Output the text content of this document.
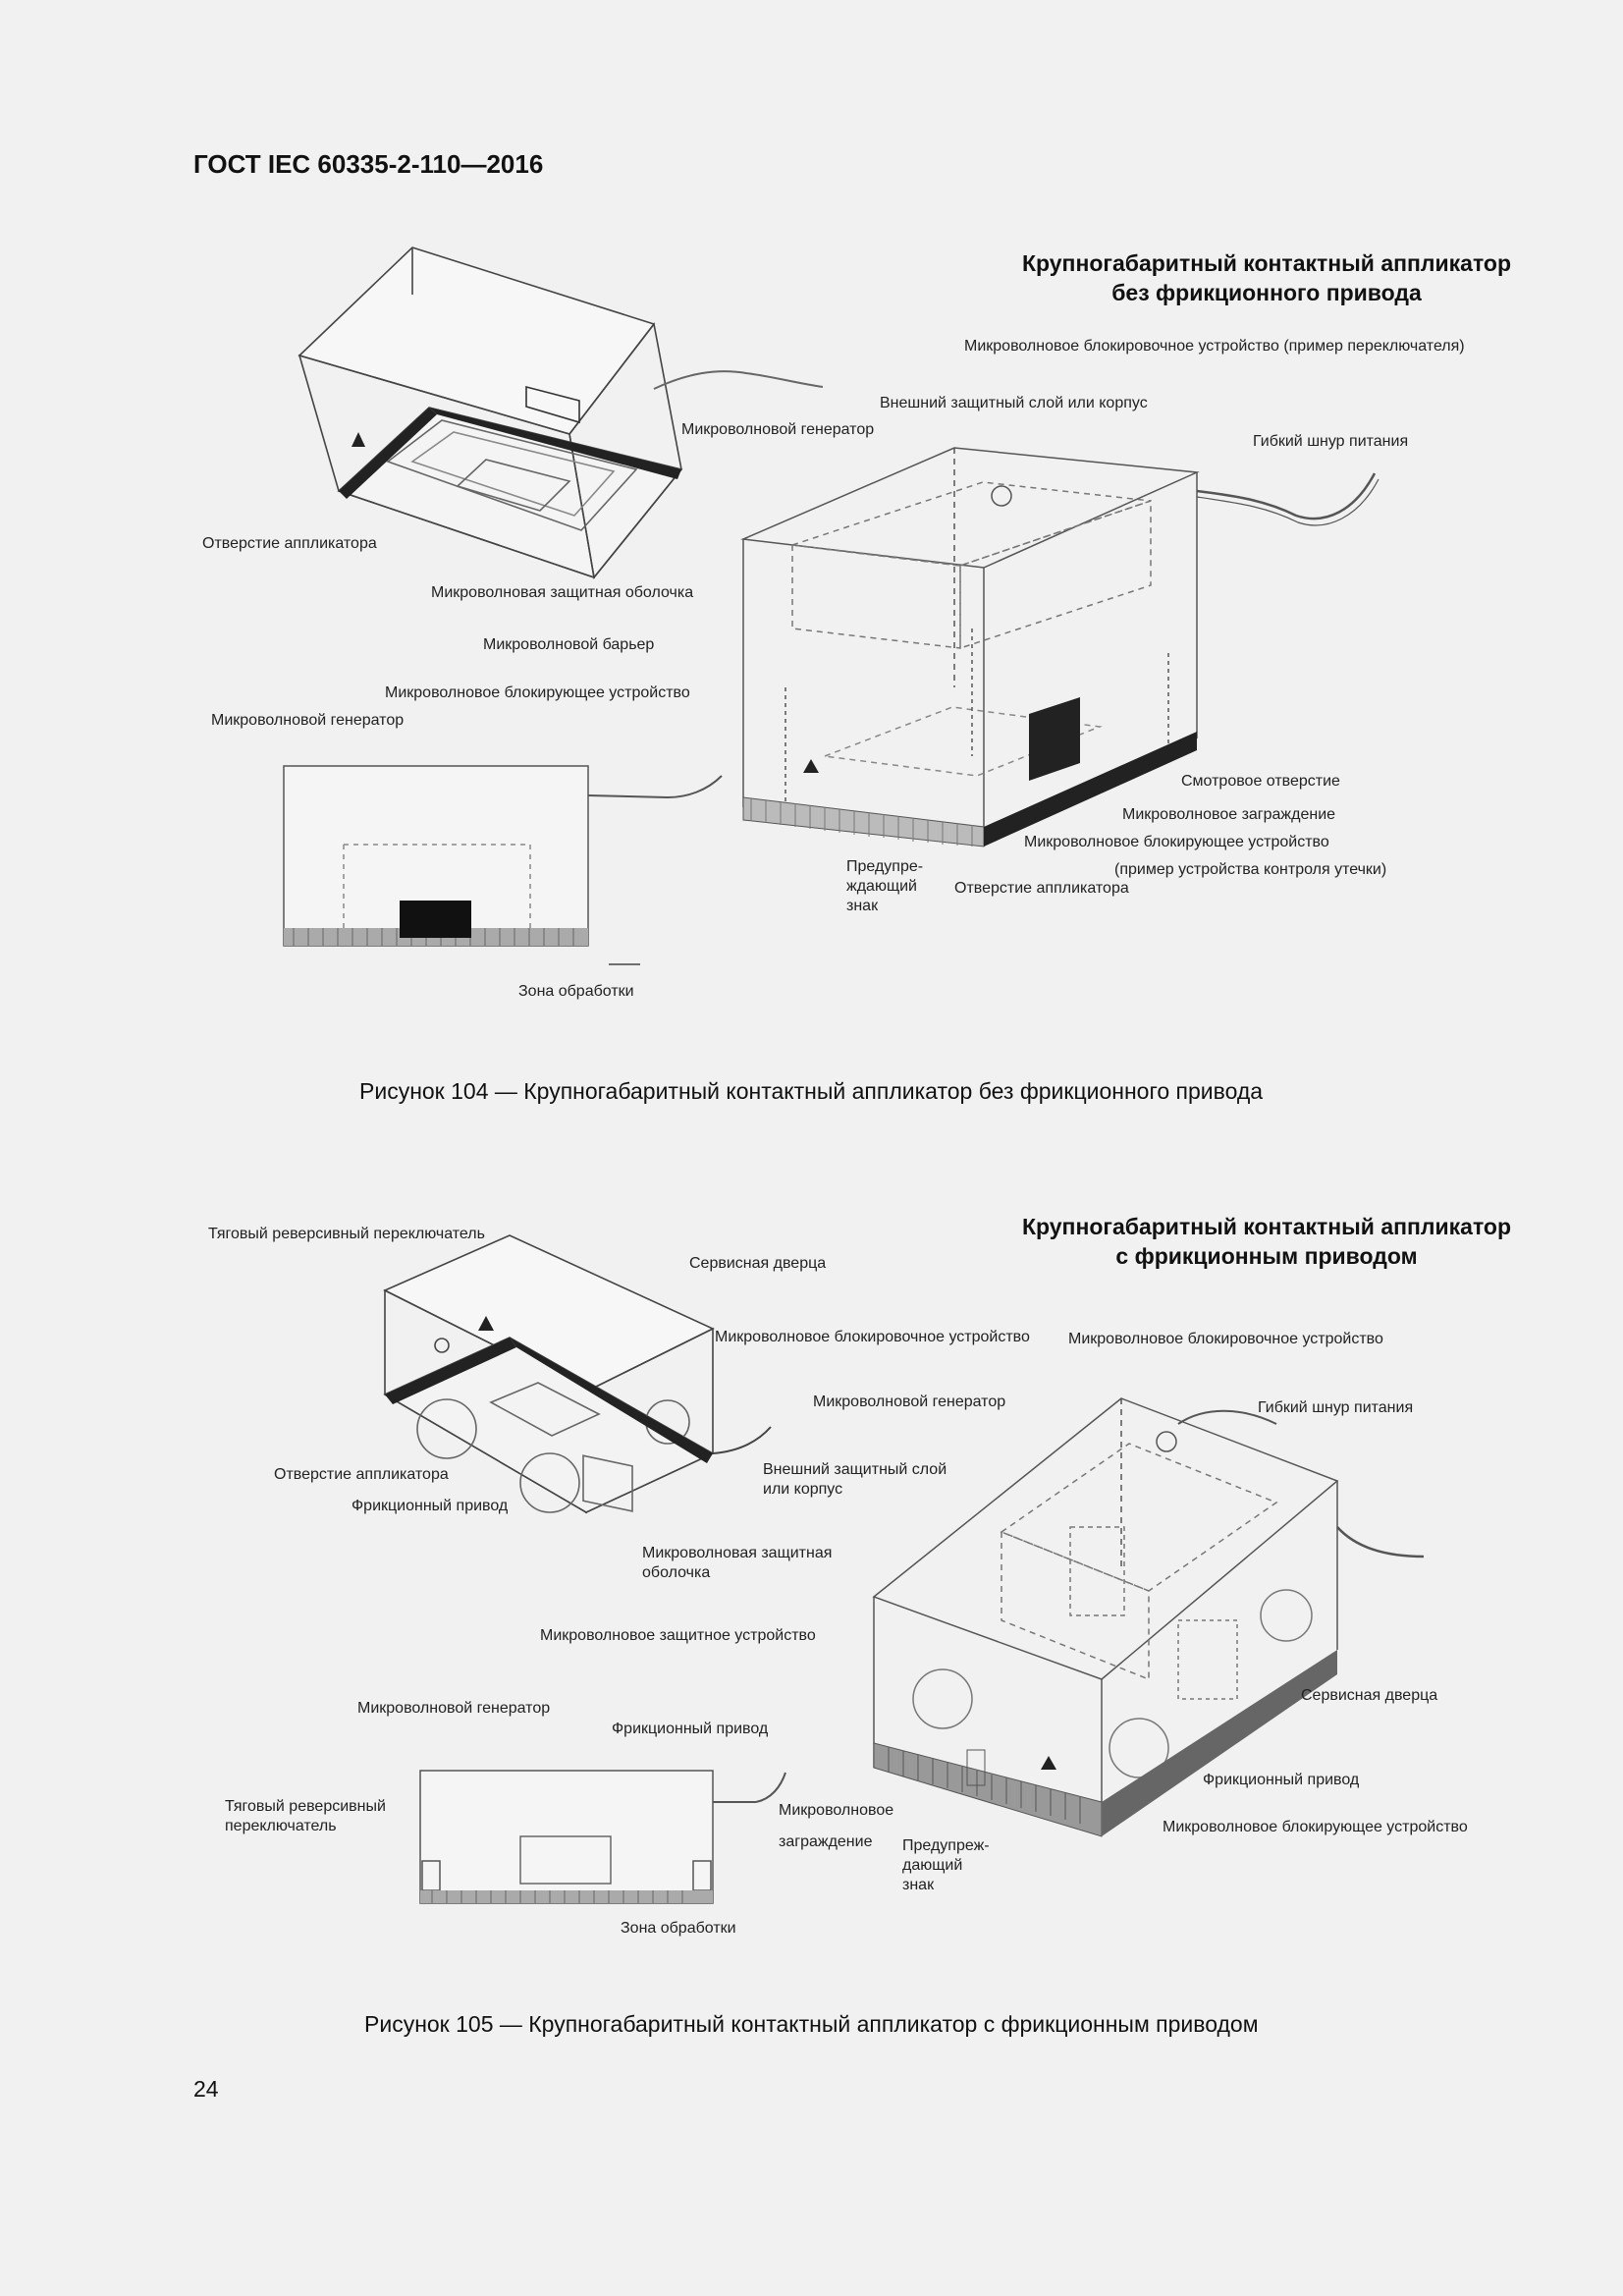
ГОСТ IEC 60335-2-110—2016
Крупногабаритный контактный аппликатор
без фрикционного привода
Микроволновое блокировочное устройство (пример переключателя)
Внешний защитный слой или корпус
Микроволновой генератор
Гибкий шнур питания
Отверстие аппликатора
Микроволновая защитная оболочка
Микроволновой барьер
Микроволновое блокирующее устройство
Микроволновой генератор
Смотровое отверстие
Микроволновое заграждение
Микроволновое блокирующее устройство
(пример устройства контроля утечки)
Предупре- ждающий знак
Отверстие аппликатора
Зона обработки
Рисунок 104 — Крупногабаритный контактный аппликатор без фрикционного привода
Крупногабаритный контактный аппликатор
с фрикционным приводом
Тяговый реверсивный переключатель
Сервисная дверца
Микроволновое блокировочное устройство Микроволновое блокировочное устройство
Микроволновой генератор	Гибкий шнур питания
Отверстие аппликатора
Фрикционный привод
Внешний защитный слой или корпус
Микроволновая защитная оболочка
Микроволновое защитное устройство
Микроволновой генератор
Фрикционный привод
Сервисная дверца
Тяговый реверсивный переключатель
Микроволновое заграждение
Фрикционный привод
Предупреж- дающий знак
Микроволновое блокирующее устройство
Зона обработки
Рисунок 105 — Крупногабаритный контактный аппликатор с фрикционным приводом
24
